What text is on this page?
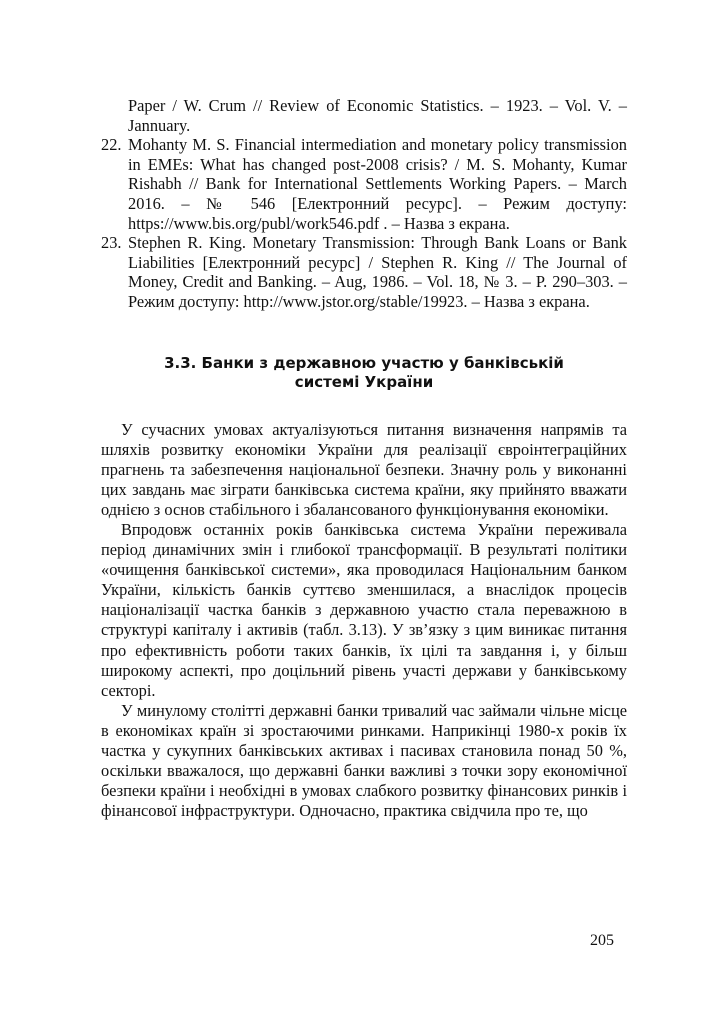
Paper / W. Crum // Review of Economic Statistics. – 1923. – Vol. V. – Jannuary.
22. Mohanty M. S. Financial intermediation and monetary policy transmission in EMEs: What has changed post-2008 crisis? / M. S. Mohanty, Kumar Rishabh // Bank for International Settlements Working Papers. – March 2016. – № 546 [Електронний ресурс]. – Режим доступу: https://www.bis.org/publ/work546.pdf . – Назва з екрана.
23. Stephen R. King. Monetary Transmission: Through Bank Loans or Bank Liabilities [Електронний ресурс] / Stephen R. King // The Journal of Money, Credit and Banking. – Aug, 1986. – Vol. 18, № 3. – P. 290–303. – Режим доступу: http://www.jstor.org/stable/19923. – Назва з екрана.
3.3. Банки з державною участю у банківській
системі України

У сучасних умовах актуалізуються питання визначення напрямів та шляхів розвитку економіки України для реалізації євроінтеграційних прагнень та забезпечення національної безпеки. Значну роль у виконанні цих завдань має зіграти банківська система країни, яку прийнято вважати однією з основ стабільного і збалансованого функціонування економіки.

Впродовж останніх років банківська система України переживала період динамічних змін і глибокої трансформації. В результаті політики «очищення банківської системи», яка проводилася Національним банком України, кількість банків суттєво зменшилася, а внаслідок процесів націоналізації частка банків з державною участю стала переважною в структурі капіталу і активів (табл. 3.13). У зв’язку з цим виникає питання про ефективність роботи таких банків, їх цілі та завдання і, у більш широкому аспекті, про доцільний рівень участі держави у банківському секторі.

У минулому столітті державні банки тривалий час займали чільне місце в економіках країн зі зростаючими ринками. Наприкінці 1980-х років їх частка у сукупних банківських активах і пасивах становила понад 50 %, оскільки вважалося, що державні банки важливі з точки зору економічної безпеки країни і необхідні в умовах слабкого розвитку фінансових ринків і фінансової інфраструктури. Одночасно, практика свідчила про те, що

205
